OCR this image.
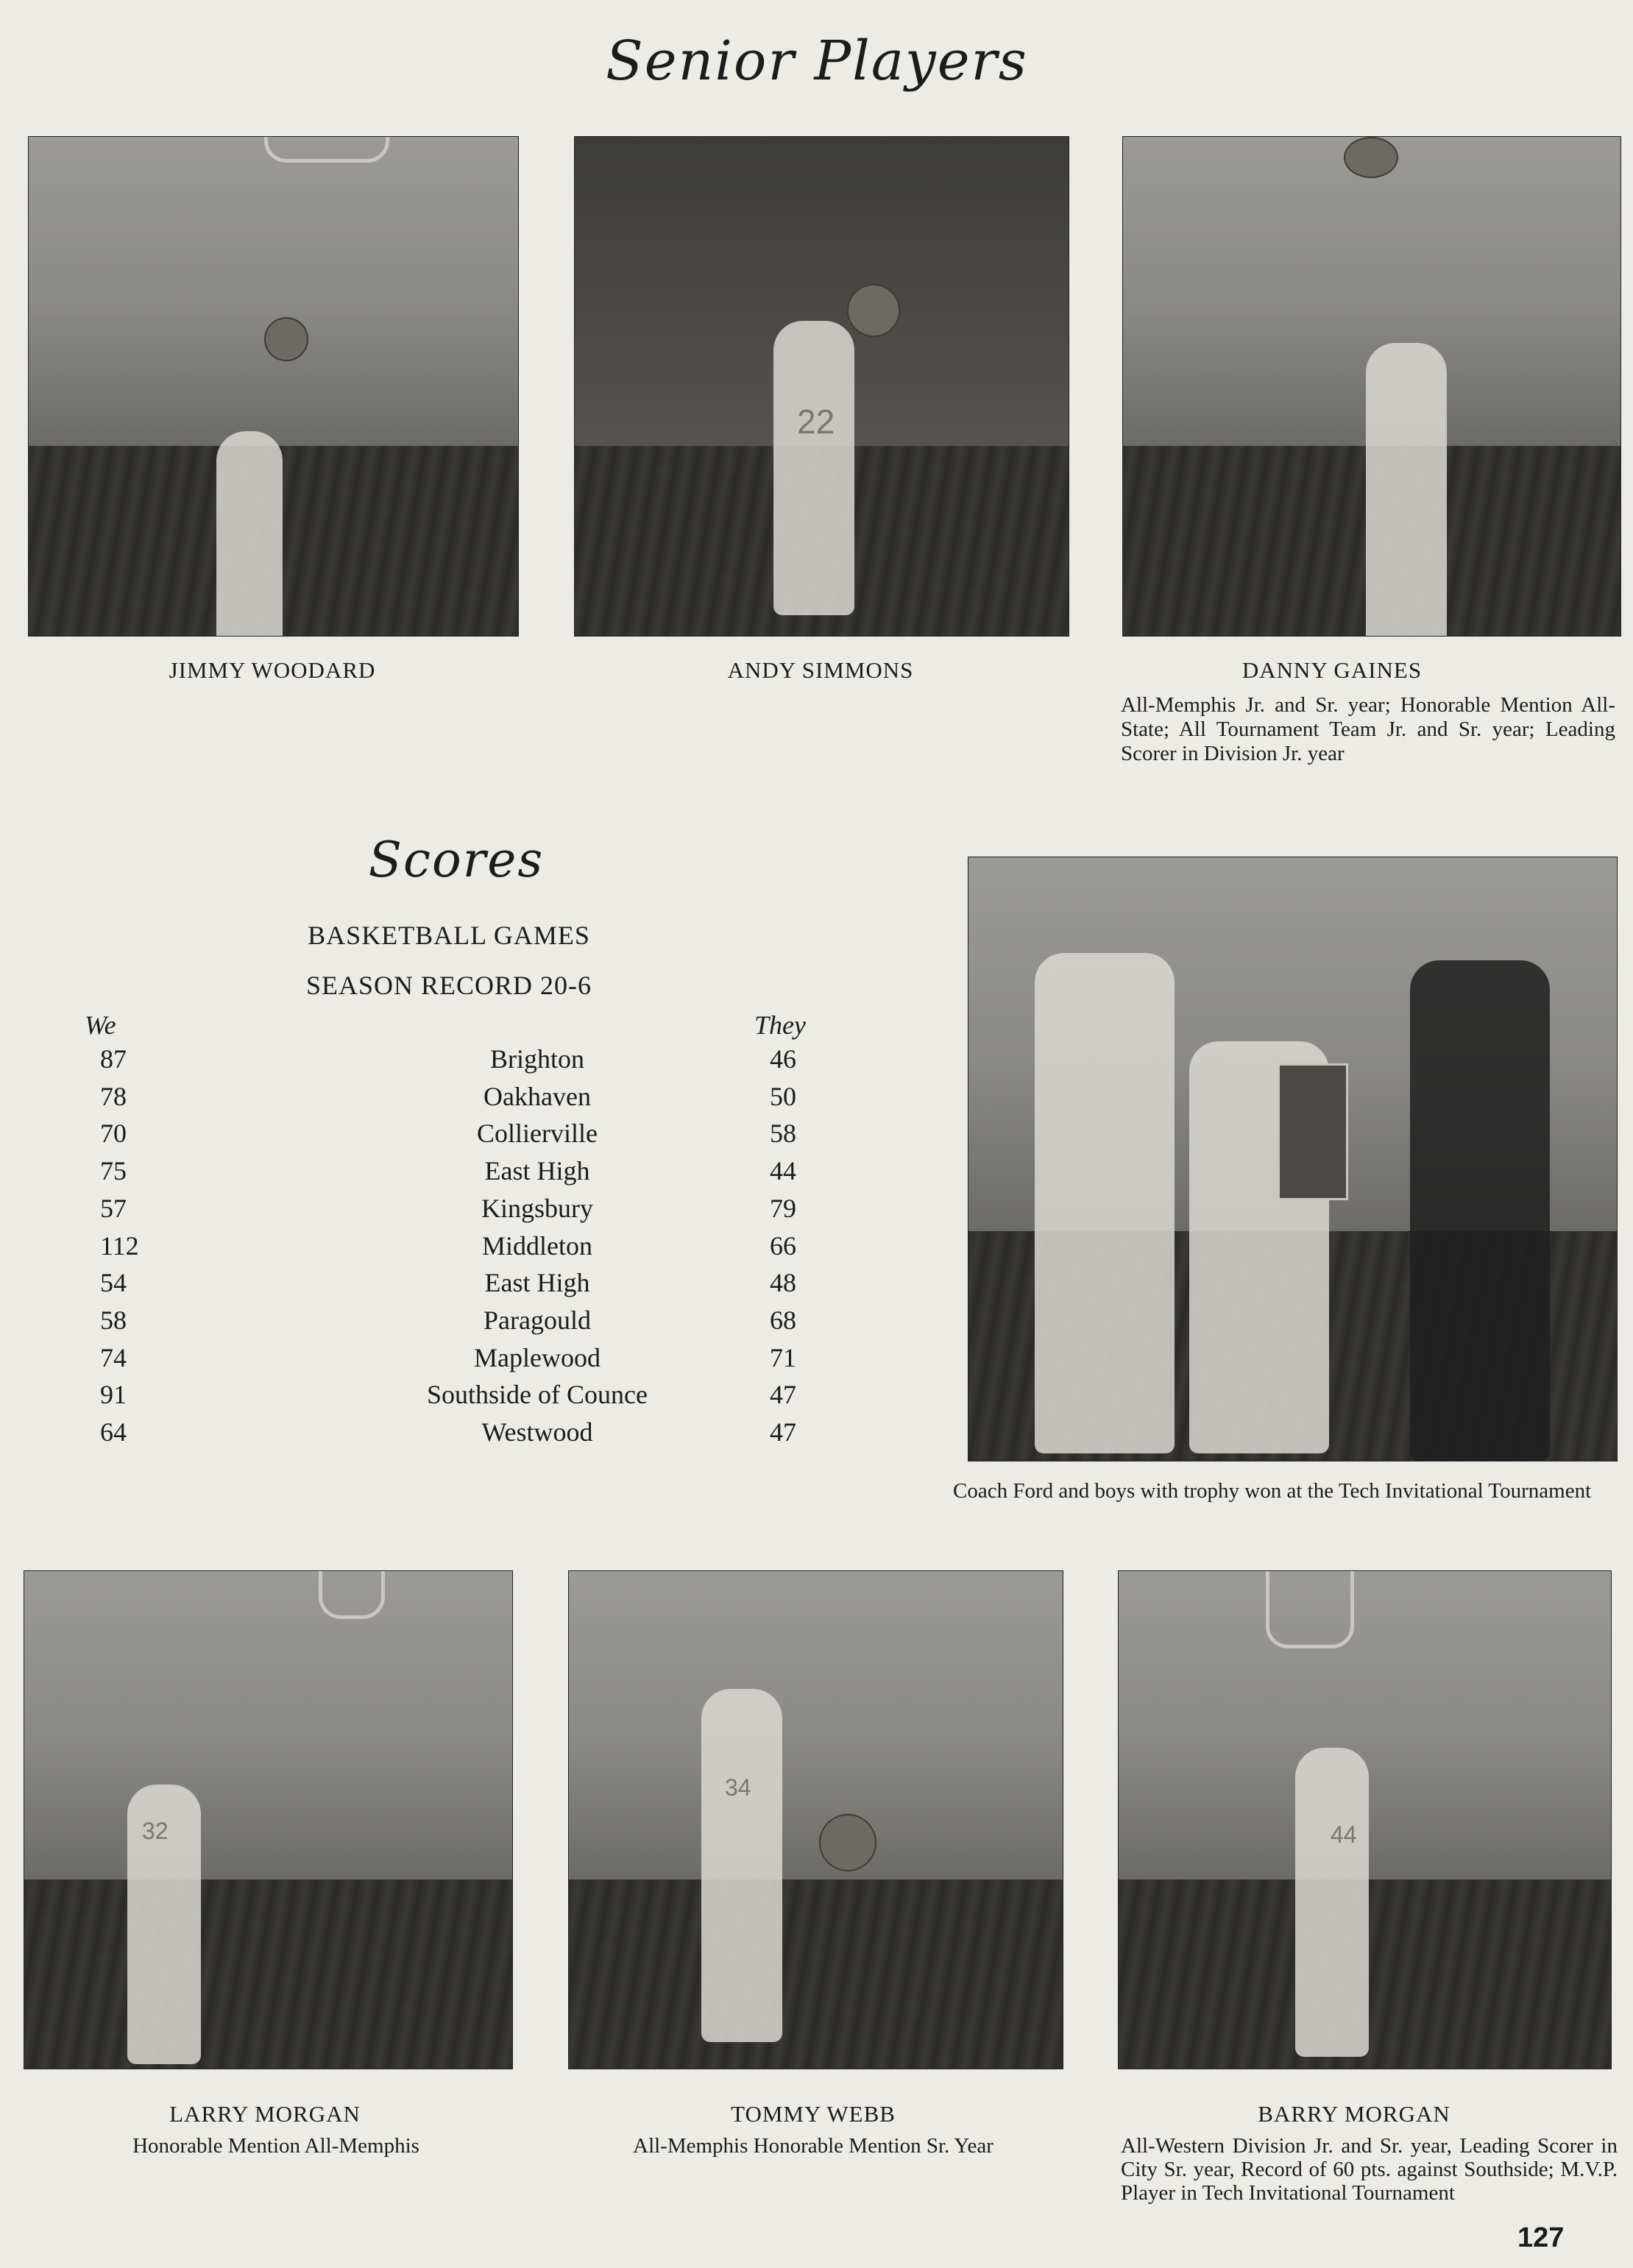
Senior Players
22
JIMMY WOODARD	ANDY SIMMONS	DANNY GAINES
All-Memphis Jr. and Sr. year; Honorable Mention All-State; All Tournament Team Jr. and Sr. year; Leading Scorer in Division Jr. year
Scores
BASKETBALL GAMES
SEASON RECORD 20-6
We	They
87	Brighton	46
78	Oakhaven	50
70	Collierville	58
75	East High	44
57	Kingsbury	79
112	Middleton	66
54	East High	48
58	Paragould	68
74	Maplewood	71
91	Southside of Counce	47
64	Westwood	47
Coach Ford and boys with trophy won at the Tech Invitational Tournament
32
34
44
LARRY MORGAN
Honorable Mention All-Memphis
TOMMY WEBB
All-Memphis Honorable Mention Sr. Year
BARRY MORGAN
All-Western Division Jr. and Sr. year, Leading Scorer in City Sr. year, Record of 60 pts. against Southside; M.V.P. Player in Tech Invitational Tournament
127
